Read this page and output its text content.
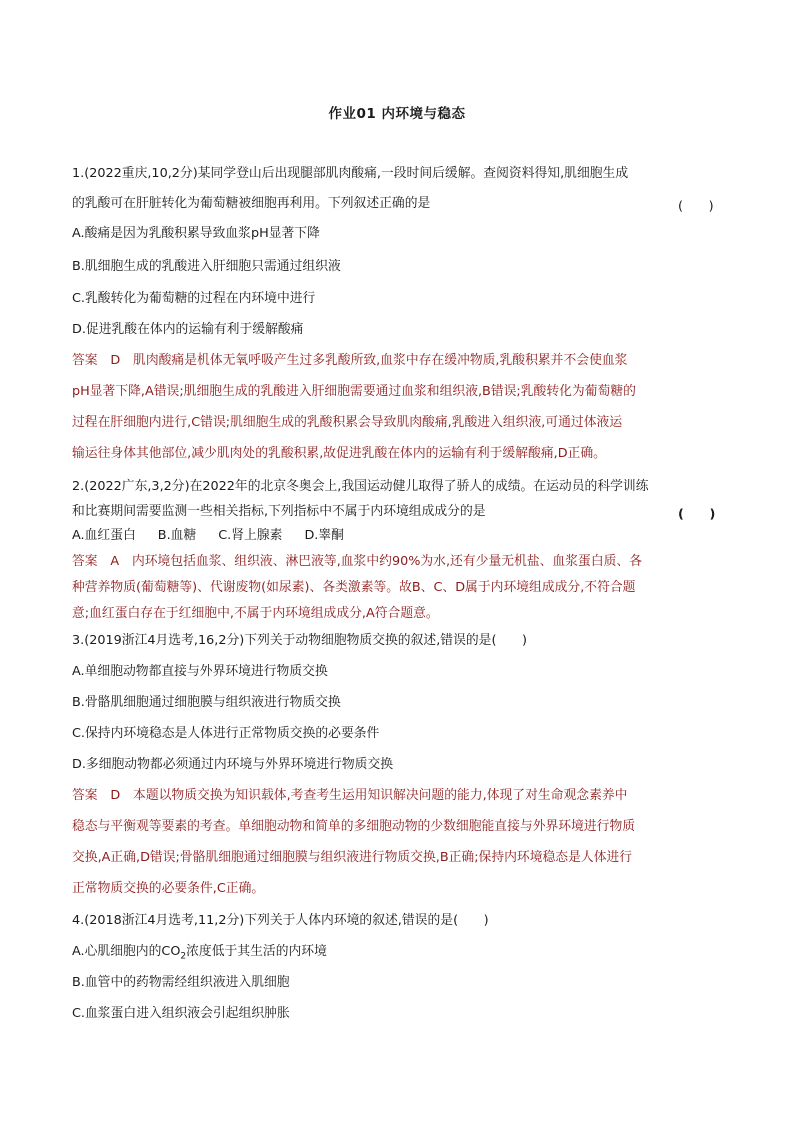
作业01 内环境与稳态
1.(2022重庆,10,2分)某同学登山后出现腿部肌肉酸痛,一段时间后缓解。查阅资料得知,肌细胞生成
的乳酸可在肝脏转化为葡萄糖被细胞再利用。下列叙述正确的是	(　　)
A.酸痛是因为乳酸积累导致血浆pH显著下降
B.肌细胞生成的乳酸进入肝细胞只需通过组织液
C.乳酸转化为葡萄糖的过程在内环境中进行
D.促进乳酸在体内的运输有利于缓解酸痛
答案　D　肌肉酸痛是机体无氧呼吸产生过多乳酸所致,血浆中存在缓冲物质,乳酸积累并不会使血浆
pH显著下降,A错误;肌细胞生成的乳酸进入肝细胞需要通过血浆和组织液,B错误;乳酸转化为葡萄糖的
过程在肝细胞内进行,C错误;肌细胞生成的乳酸积累会导致肌肉酸痛,乳酸进入组织液,可通过体液运
输运往身体其他部位,减少肌肉处的乳酸积累,故促进乳酸在体内的运输有利于缓解酸痛,D正确。
2.(2022广东,3,2分)在2022年的北京冬奥会上,我国运动健儿取得了骄人的成绩。在运动员的科学训练
和比赛期间需要监测一些相关指标,下列指标中不属于内环境组成成分的是	(　　)
A.血红蛋白 B.血糖 C.肾上腺素 D.睾酮
答案　A　内环境包括血浆、组织液、淋巴液等,血浆中约90%为水,还有少量无机盐、血浆蛋白质、各
种营养物质(葡萄糖等)、代谢废物(如尿素)、各类激素等。故B、C、D属于内环境组成成分,不符合题
意;血红蛋白存在于红细胞中,不属于内环境组成成分,A符合题意。
3.(2019浙江4月选考,16,2分)下列关于动物细胞物质交换的叙述,错误的是(　　)
A.单细胞动物都直接与外界环境进行物质交换
B.骨骼肌细胞通过细胞膜与组织液进行物质交换
C.保持内环境稳态是人体进行正常物质交换的必要条件
D.多细胞动物都必须通过内环境与外界环境进行物质交换
答案　D　本题以物质交换为知识载体,考查考生运用知识解决问题的能力,体现了对生命观念素养中
稳态与平衡观等要素的考查。单细胞动物和简单的多细胞动物的少数细胞能直接与外界环境进行物质
交换,A正确,D错误;骨骼肌细胞通过细胞膜与组织液进行物质交换,B正确;保持内环境稳态是人体进行
正常物质交换的必要条件,C正确。
4.(2018浙江4月选考,11,2分)下列关于人体内环境的叙述,错误的是(　　)
A.心肌细胞内的$CO_2$浓度低于其生活的内环境
B.血管中的药物需经组织液进入肌细胞
C.血浆蛋白进入组织液会引起组织肿胀
